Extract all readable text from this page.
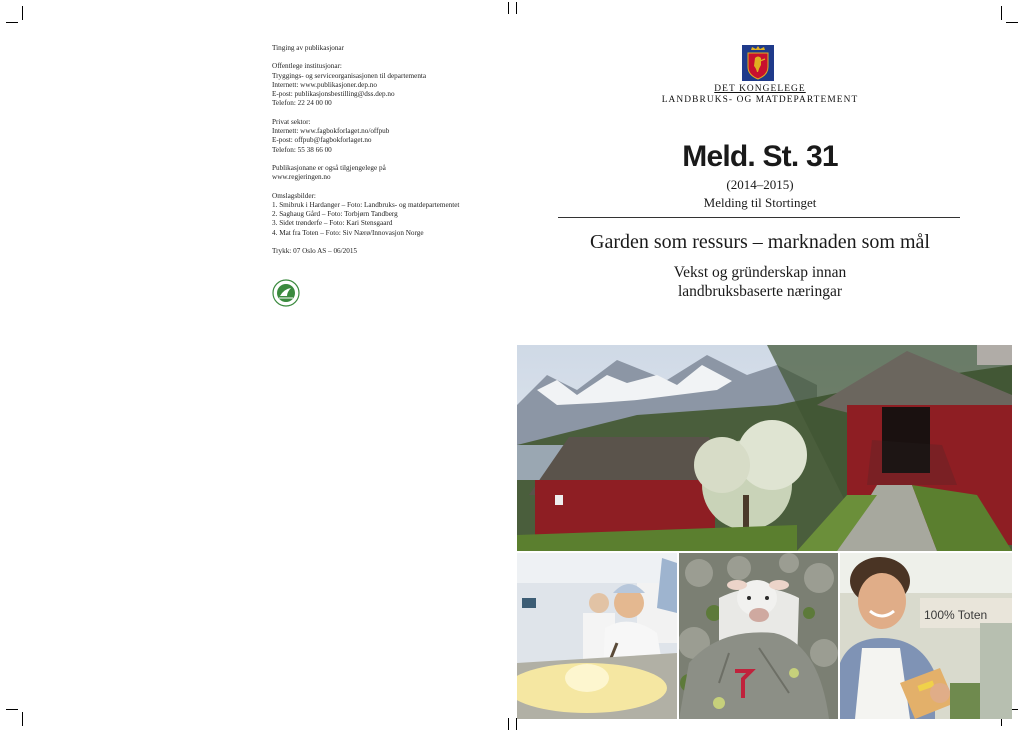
Tinging av publikasjonar
Offentlege institusjonar:
Tryggings- og serviceorganisasjonen til departementa
Internett: www.publikasjoner.dep.no
E-post: publikasjonsbestilling@dss.dep.no
Telefon: 22 24 00 00
Privat sektor:
Internett: www.fagbokforlaget.no/offpub
E-post: offpub@fagbokforlaget.no
Telefon: 55 38 66 00
Publikasjonane er også tilgjengelege på
www.regjeringen.no
Omslagsbilder:
1. Smibruk i Hardanger – Foto: Landbruks- og matdepartementet
2. Saghaug Gård – Foto: Torbjørn Tandberg
3. Sidet trønderfe – Foto: Kari Stensgaard
4. Mat fra Toten – Foto: Siv Nærø/Innovasjon Norge
Trykk: 07 Oslo AS – 06/2015
DET KONGELEGE
LANDBRUKS- OG MATDEPARTEMENT
Meld. St. 31
(2014–2015)
Melding til Stortinget
Garden som ressurs – marknaden som mål
Vekst og gründerskap innan
landbruksbaserte næringar
100% Toten
